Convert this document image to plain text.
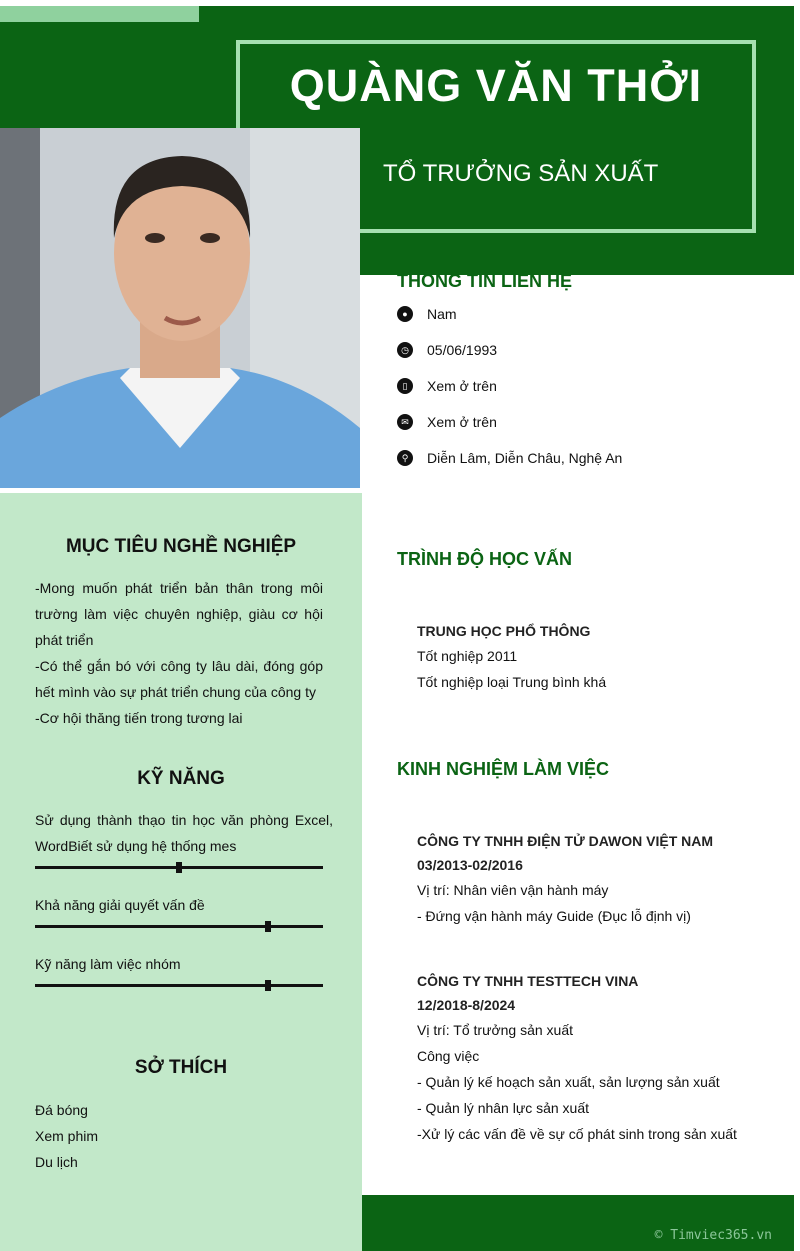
QUÀNG VĂN THỞI
TỔ TRƯỞNG SẢN XUẤT
MỤC TIÊU NGHỀ NGHIỆP
-Mong muốn phát triển bản thân trong môi trường làm việc chuyên nghiệp, giàu cơ hội phát triển
-Có thể gắn bó với công ty lâu dài, đóng góp hết mình vào sự phát triển chung của công ty
-Cơ hội thăng tiến trong tương lai
KỸ NĂNG
Sử dụng thành thạo tin học văn phòng Excel, WordBiết sử dụng hệ thống mes
Khả năng giải quyết vấn đề
Kỹ năng làm việc nhóm
SỞ THÍCH
Đá bóng
Xem phim
Du lịch
THÔNG TIN LIÊN HỆ
●	Nam
◷ 05/06/1993
▯	Xem ở trên
✉	Xem ở trên
⚲	Diễn Lâm, Diễn Châu, Nghệ An
TRÌNH ĐỘ HỌC VẤN
TRUNG HỌC PHỔ THÔNG
Tốt nghiệp 2011
Tốt nghiệp loại Trung bình khá
KINH NGHIỆM LÀM VIỆC
CÔNG TY TNHH ĐIỆN TỬ DAWON VIỆT NAM
03/2013-02/2016
Vị trí: Nhân viên vận hành máy
- Đứng vận hành máy Guide (Đục lỗ định vị)
CÔNG TY TNHH TESTTECH VINA
12/2018-8/2024
Vị trí: Tổ trưởng sản xuất
Công việc
- Quản lý kế hoạch sản xuất, sản lượng sản xuất
- Quản lý nhân lực sản xuất
-Xử lý các vấn đề về sự cố phát sinh trong sản xuất
© Timviec365.vn
